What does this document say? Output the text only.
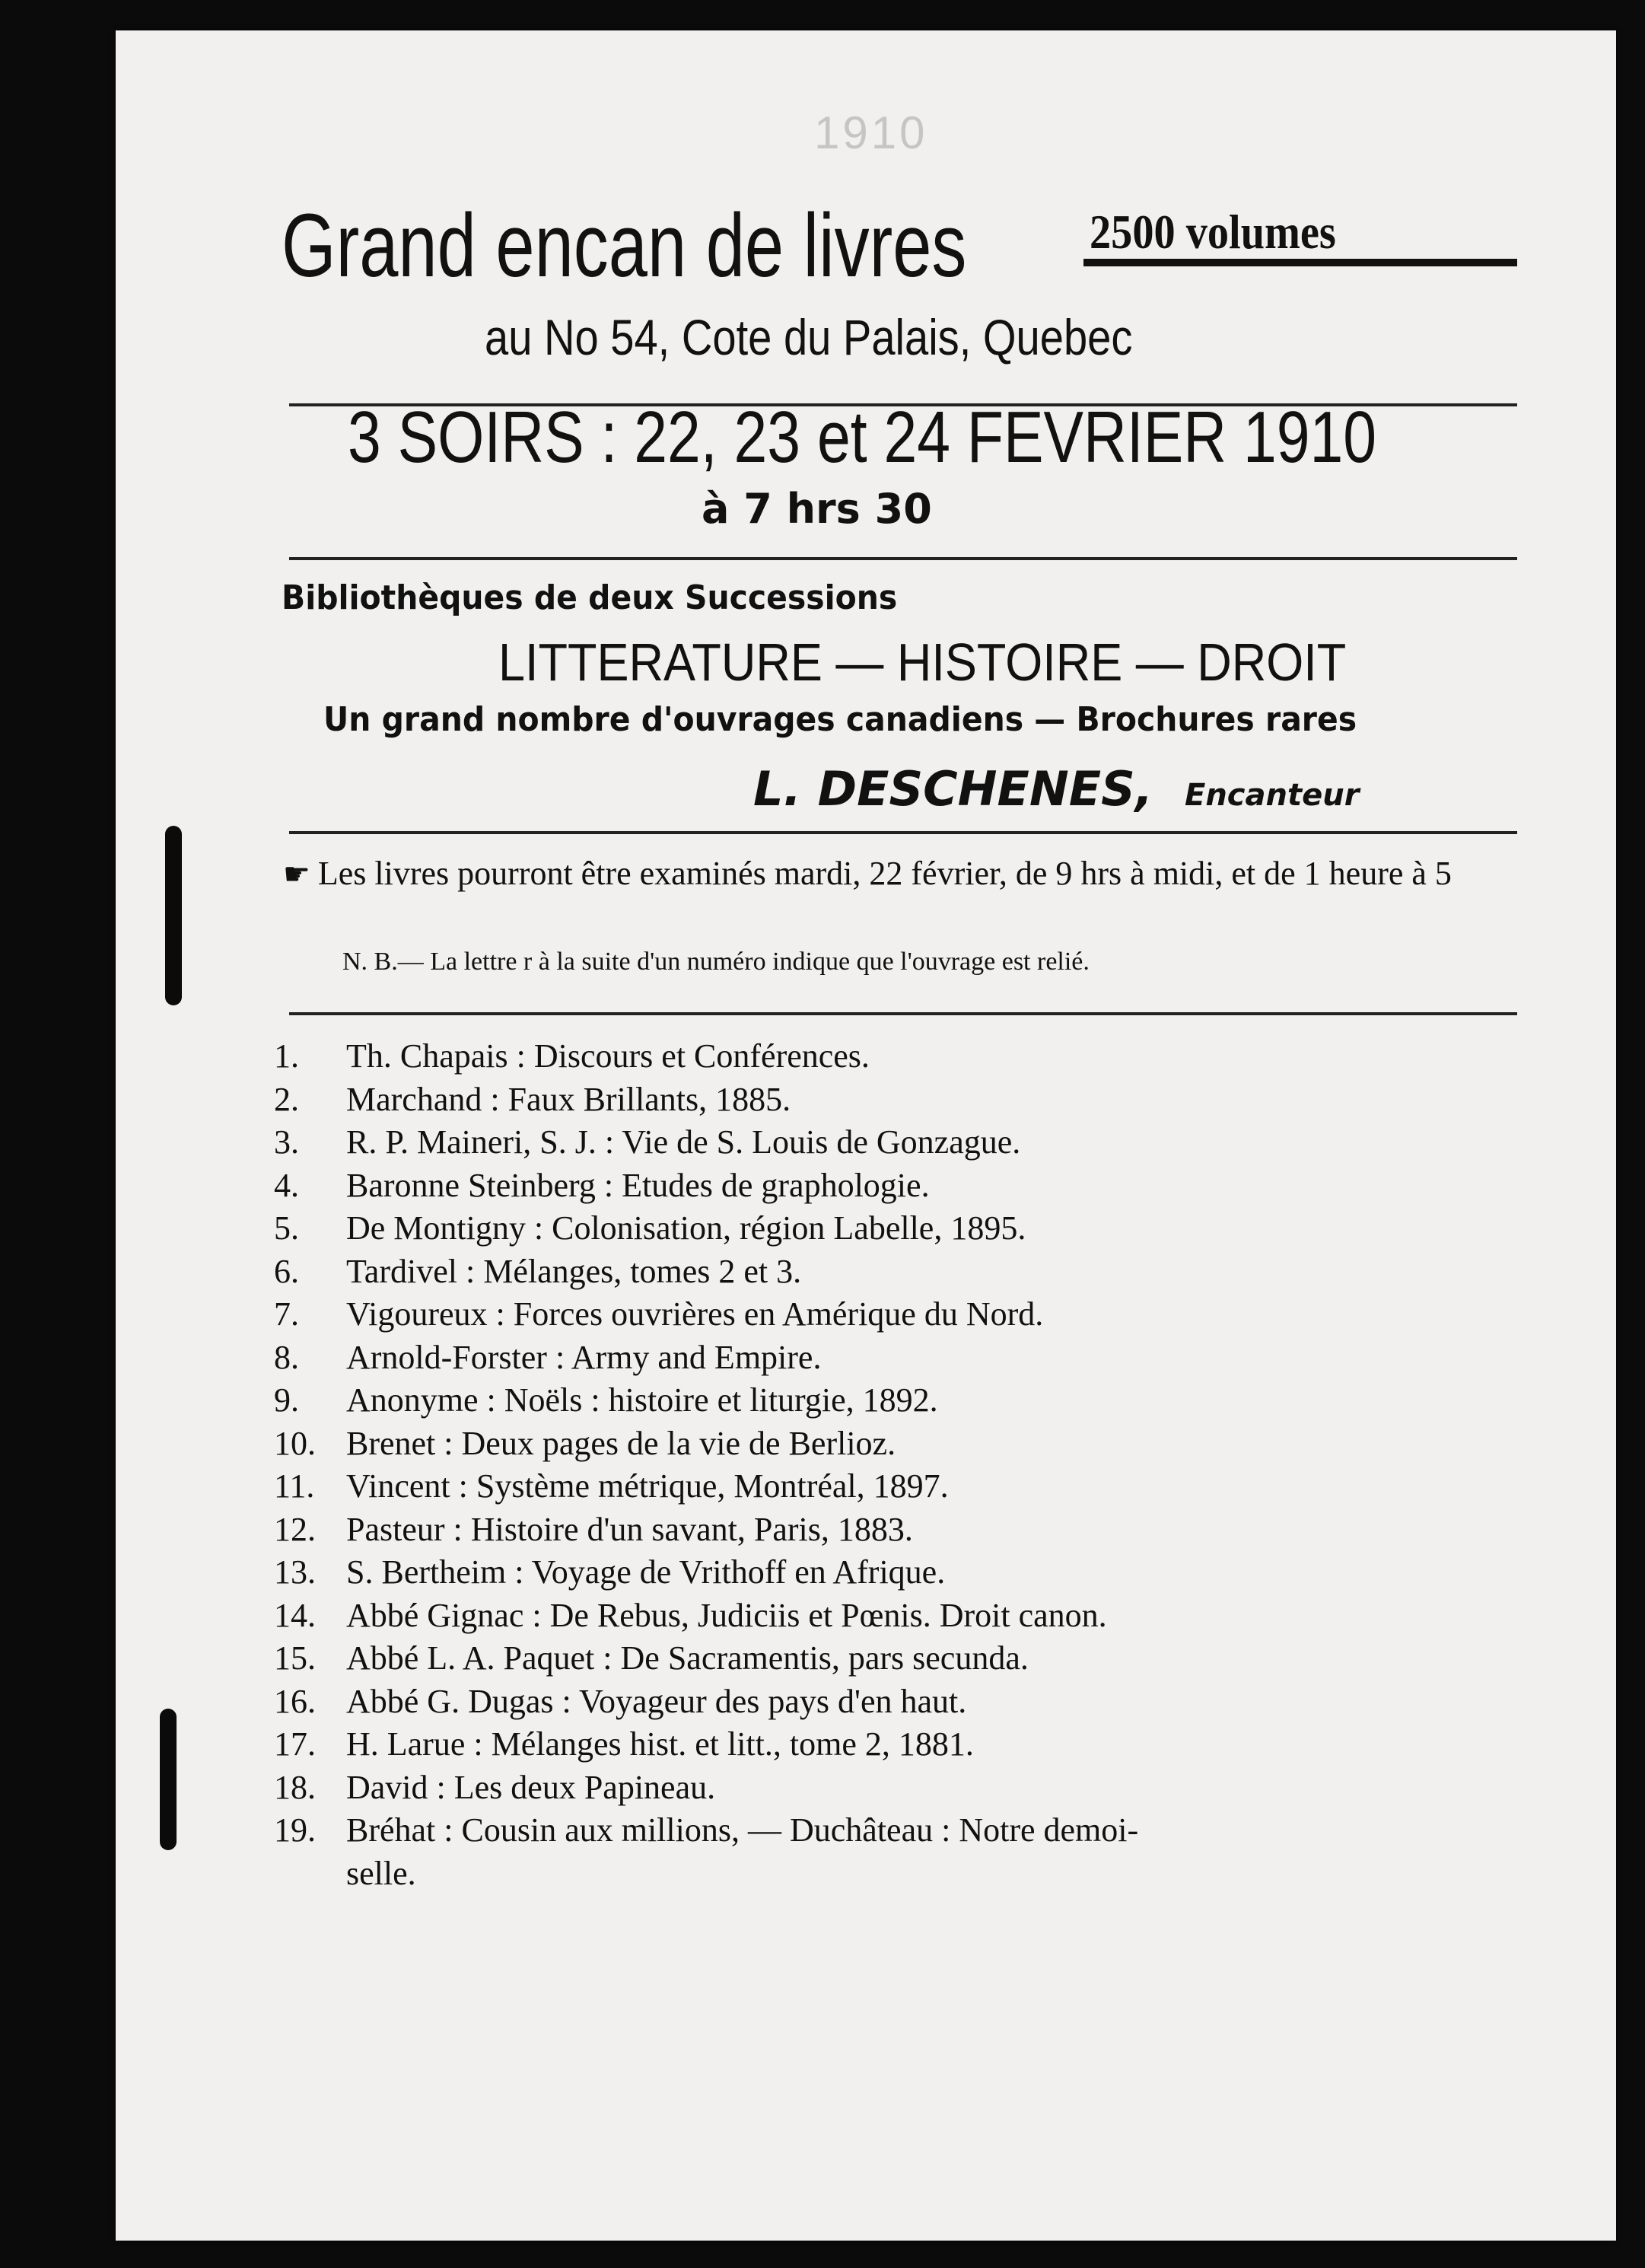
1910

Grand encan de livres	2500 volumes

au No 54, Cote du Palais, Quebec

3 SOIRS : 22, 23 et 24 FEVRIER 1910

à 7 hrs 30

Bibliothèques de deux Successions

LITTERATURE — HISTOIRE — DROIT

Un grand nombre d'ouvrages canadiens — Brochures rares

L. DESCHENES, Encanteur

☛ Les livres pourront être examinés mardi, 22 février, de 9 hrs à midi, et de 1 heure à 5

N. B.— La lettre r à la suite d'un numéro indique que l'ouvrage est relié.

1.	Th. Chapais : Discours et Conférences.
2.	Marchand : Faux Brillants, 1885.
3.	R. P. Maineri, S. J. : Vie de S. Louis de Gonzague.
4.	Baronne Steinberg : Etudes de graphologie.
5.	De Montigny : Colonisation, région Labelle, 1895.
6.	Tardivel : Mélanges, tomes 2 et 3.
7.	Vigoureux : Forces ouvrières en Amérique du Nord.
8.	Arnold-Forster : Army and Empire.
9.	Anonyme : Noëls : histoire et liturgie, 1892.
10. Brenet : Deux pages de la vie de Berlioz.
11. Vincent : Système métrique, Montréal, 1897.
12. Pasteur : Histoire d'un savant, Paris, 1883.
13. S. Bertheim : Voyage de Vrithoff en Afrique.
14. Abbé Gignac : De Rebus, Judiciis et Pœnis. Droit canon.
15. Abbé L. A. Paquet : De Sacramentis, pars secunda.
16. Abbé G. Dugas : Voyageur des pays d'en haut.
17. H. Larue : Mélanges hist. et litt., tome 2, 1881.
18. David : Les deux Papineau.
19. Bréhat : Cousin aux millions, — Duchâteau : Notre demoi-
selle.
